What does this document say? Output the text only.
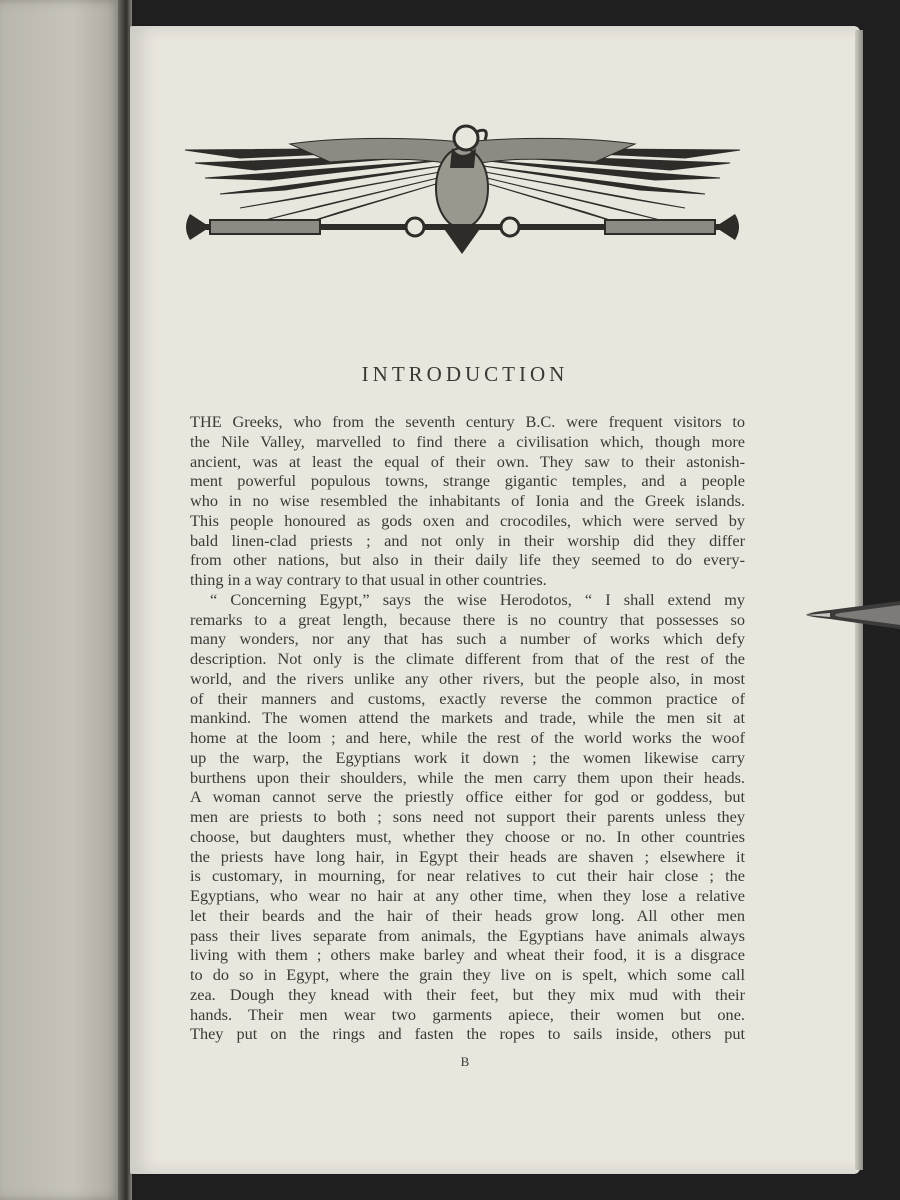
INTRODUCTION
THE Greeks, who from the seventh century B.C. were frequent visitors to
the Nile Valley, marvelled to find there a civilisation which, though more
ancient, was at least the equal of their own. They saw to their astonish-
ment powerful populous towns, strange gigantic temples, and a people
who in no wise resembled the inhabitants of Ionia and the Greek islands.
This people honoured as gods oxen and crocodiles, which were served by
bald linen-clad priests ; and not only in their worship did they differ
from other nations, but also in their daily life they seemed to do every-
thing in a way contrary to that usual in other countries.
“ Concerning Egypt,” says the wise Herodotos, “ I shall extend my
remarks to a great length, because there is no country that possesses so
many wonders, nor any that has such a number of works which defy
description. Not only is the climate different from that of the rest of the
world, and the rivers unlike any other rivers, but the people also, in most
of their manners and customs, exactly reverse the common practice of
mankind. The women attend the markets and trade, while the men sit at
home at the loom ; and here, while the rest of the world works the woof
up the warp, the Egyptians work it down ; the women likewise carry
burthens upon their shoulders, while the men carry them upon their heads.
A woman cannot serve the priestly office either for god or goddess, but
men are priests to both ; sons need not support their parents unless they
choose, but daughters must, whether they choose or no. In other countries
the priests have long hair, in Egypt their heads are shaven ; elsewhere it
is customary, in mourning, for near relatives to cut their hair close ; the
Egyptians, who wear no hair at any other time, when they lose a relative
let their beards and the hair of their heads grow long. All other men
pass their lives separate from animals, the Egyptians have animals always
living with them ; others make barley and wheat their food, it is a disgrace
to do so in Egypt, where the grain they live on is spelt, which some call
zea. Dough they knead with their feet, but they mix mud with their
hands. Their men wear two garments apiece, their women but one.
They put on the rings and fasten the ropes to sails inside, others put
B
